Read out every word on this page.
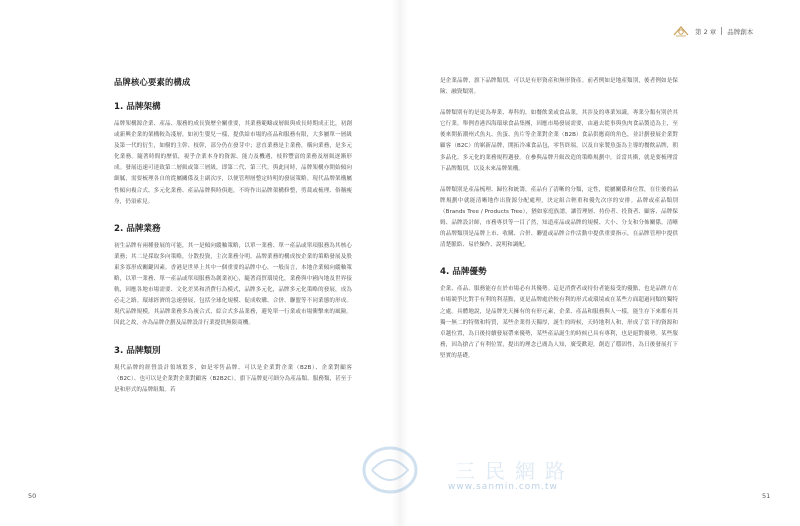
第 2 章 品牌創本
品牌核心要素的構成
1. 品牌架構

品牌架構源企業、產品、服務的成長資歷全關重要，其業務範疇或層級與成長時期成正比，初創或新興企業的架構較為淺層，如初生嬰兒一樣，提供給市場的產品和服務有限，大多屬單一層級及第一代的衍生，如樹的主幹、枝幹，部分仍在發芽中；意直業務是主業務，橫向業務，是多元化業務。隨著時間的歷值，視乎企業本身的資源、能力及機遇，枝幹豐富的業務及層級逐漸形成。發展迅速可達致第二層級或第三層級，即第二代、第三代。與此同時，品牌架構亦開始傾向細膩，需要梳理各自的從屬關係及主副次序，以便管理層整定時明的發展策略。現代品牌架構屬性傾向複合式、多元化業務、產品品牌與時俱進，不時作出品牌架構修整，剪裁或梳理、俗稱瘦身，仍須索見。

2. 品牌業務

初生品牌有兩種發展的可能，其一是傾向縱軸策略，以單一業務、單一產品或單項服務為其核心業務；其二是採取多向策略，分散投資，主次業務分明。品牌業務的構成按企業的策略發展及股東多寡形成關鍵因素。香港是世界上其中一個重要的品牌中心，一般而言，本地企業傾向縱軸策略，以單一業務、單一產品或單項服務為創業初心，隨著商貿環境化，業務與中國內地及世界接軌，因應各地市場需要、文化差異和消費行為模式，品牌多元化，品牌多元化策略的發展，成為必走之路。環球經濟的急速發展，包括全球化規模、促成收購、合併、聯盟等不同業態的形成。現代品牌規模，其品牌業務多為複合式、綜合式多品業務，避免單一行業或市場衝擊來的風險。因此之故，亦為品牌企劃及品牌設計行業提供無限商機。

3. 品牌類別

現代品牌的經營設計領域繁多，如是零售品牌、可以是企業對企業（B2B）、企業對顧客（B2C）、也可以是企業對企業對顧客（B2B2C），旗下品牌更可細分為產品類、服務類，甚至于是和形式的品牌組類。若

是企業品牌，旗下品牌類別，可以是有形資產和無形資產。前者例如是地產類別，後者例如是保險、融資類別。

品牌類別有的是更為專業、專科的，如餐飲業或食品業，其涉及的專業知識，專業分類有別於其它行業。舉例香港四海環球食品集團，因應市場發展需要，由過去從事與魚肉食品製造為主，至後來開拓潮州式魚丸、魚蛋、魚片等企業對企業（B2B）食品供應商的角色，並計劃發展企業對顧客（B2C）的嶄新品牌，開拓冷凍食品包，零售終端，以及自家製魚蛋為主導的餐飲品牌，朝多品化、多元化的業務規程邁發。在參與品牌升級改造的策略規劃中，首當其衝，就是要梳理當下品牌類別，以及未來品牌架構。

品牌類別是產品梳理、歸位和統籌，產品有了清晰的分類，定性，從屬關係和位置，在往後的品牌規劃中就能清晰地作出資源分配處理，決定組合輕重和優先次序的安排。品牌或產品類別（Brands Tree / Products Tree），猶如家庭族譜，讓管理層、持份者、投資者、顧客、品牌保姆、品牌設計師，市務專員等一目了然，知道產品或品牌的規模、大小、分支和分佈關係。清晰的品牌類別是品牌上市、收購、合併、聯盟或品牌合作活動中提供重要指示，在品牌管理中提供清楚脈絡、易於操作、說明和調配。

4. 品牌優勢

企業、產品、服務能存在於市場必有其優勢。這是消費者或持份者能接受的優點，也是品牌方在市場競爭比對手有利的利基點，更是品牌處於較有利的形式或環境或在某些方面超過同類的獨特之處。具體地說，是品牌先天擁有的有形元素，企業、產品和服務與人一樣，能生存下來都有其獨一無二的特徵和特質，某些企業得天獨厚，誕生的時候，天時地利人和，形成了當下的資源和卓越位置，為日後持續發展帶來優勢，某些產品誕生的時候已具有專利，也是絕對優勢。某些服務，因為搶占了有利位置，提出的理念已廣為人知，廣受歡迎，創造了穩固性，為日後發展打下堅實的基礎。

三民網路
www.sanmin.com.tw
50	51
